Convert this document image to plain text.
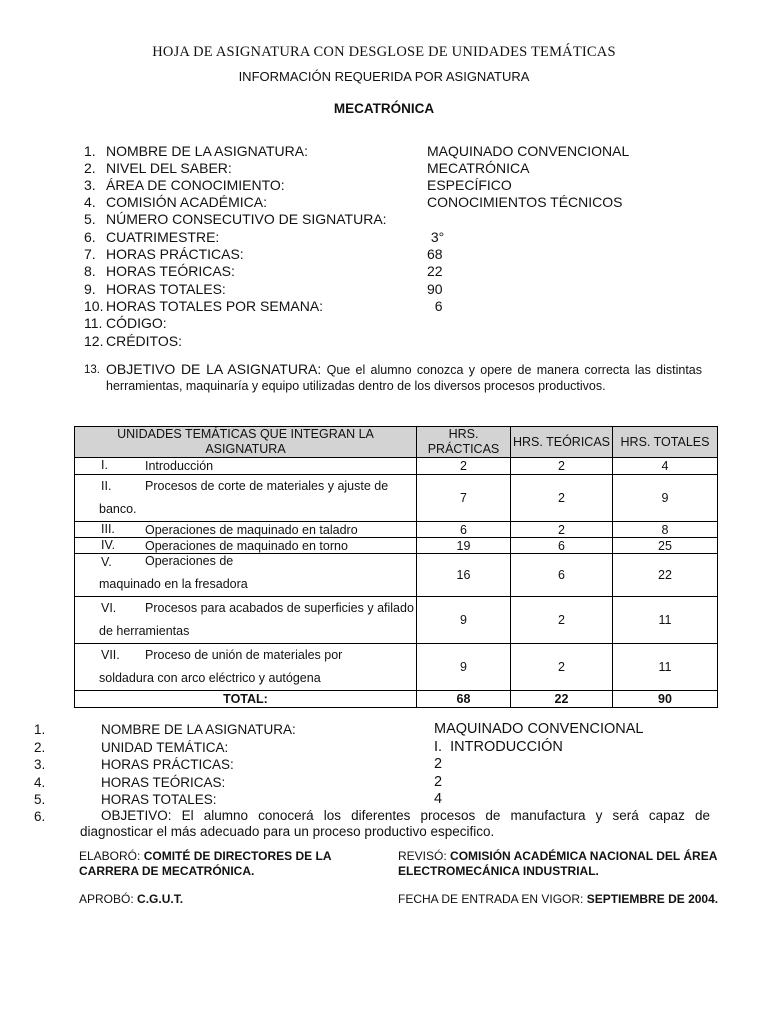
HOJA DE ASIGNATURA CON DESGLOSE DE UNIDADES TEMÁTICAS
INFORMACIÓN REQUERIDA POR ASIGNATURA
MECATRÓNICA
1. NOMBRE DE LA ASIGNATURA:	MAQUINADO CONVENCIONAL
2. NIVEL DEL SABER:	MECATRÓNICA
3. ÁREA DE CONOCIMIENTO:	ESPECÍFICO
4. COMISIÓN ACADÉMICA:	CONOCIMIENTOS TÉCNICOS
5. NÚMERO CONSECUTIVO DE SIGNATURA:
6. CUATRIMESTRE:	3°
7. HORAS PRÁCTICAS:	68
8. HORAS TEÓRICAS:	22
9. HORAS TOTALES:	90
10. HORAS TOTALES POR SEMANA:	6
11. CÓDIGO:
12. CRÉDITOS:
13. OBJETIVO DE LA ASIGNATURA: Que el alumno conozca y opere de manera correcta las distintas herramientas, maquinaría y equipo utilizadas dentro de los diversos procesos productivos.

UNIDADES TEMÁTICAS QUE INTEGRAN LA ASIGNATURA	HRS. PRÁCTICAS	HRS. TEÓRICAS	HRS. TOTALES

I. Introducción	2	2	4

II. Procesos de corte de materiales y ajuste de banco.	7	2	9

III. Operaciones de maquinado en taladro	6	2	8

IV. Operaciones de maquinado en torno	19	6	25

V. Operaciones de maquinado en la fresadora	16	6	22

VI. Procesos para acabados de superficies y afilado de herramientas	9	2	11

VII. Proceso de unión de materiales por soldadura con arco eléctrico y autógena	9	2	11
TOTAL:	68	22	90
1.	NOMBRE DE LA ASIGNATURA:	MAQUINADO CONVENCIONAL
2.	UNIDAD TEMÁTICA:	I.  INTRODUCCIÓN
3.	HORAS PRÁCTICAS:	2
4.	HORAS TEÓRICAS:	2
5.	HORAS TOTALES:	4
6.	OBJETIVO: El alumno conocerá los diferentes procesos de manufactura y será capaz de diagnosticar el más adecuado para un proceso productivo especifico.
ELABORÓ: COMITÉ DE DIRECTORES DE LA CARRERA DE MECATRÓNICA.
REVISÓ: COMISIÓN ACADÉMICA NACIONAL DEL ÁREA ELECTROMECÁNICA INDUSTRIAL.
APROBÓ: C.G.U.T.	FECHA DE ENTRADA EN VIGOR: SEPTIEMBRE DE 2004.
